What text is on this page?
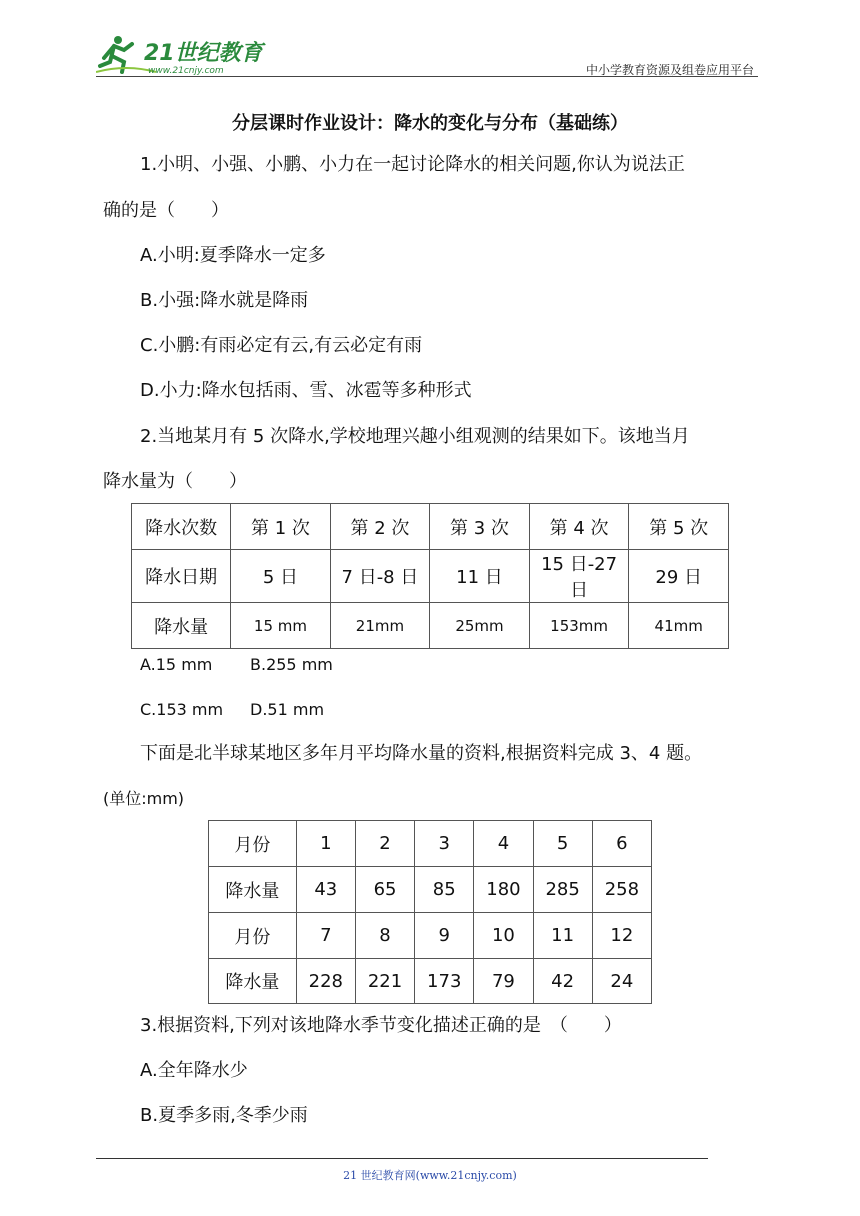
21世纪教育
www.21cnjy.com	中小学教育资源及组卷应用平台
分层课时作业设计：降水的变化与分布（基础练）
1.小明、小强、小鹏、小力在一起讨论降水的相关问题,你认为说法正
确的是（　　）
A.小明:夏季降水一定多
B.小强:降水就是降雨
C.小鹏:有雨必定有云,有云必定有雨
D.小力:降水包括雨、雪、冰雹等多种形式
2.当地某月有 5 次降水,学校地理兴趣小组观测的结果如下。该地当月
降水量为（　　）
降水次数	第 1 次	第 2 次	第 3 次	第 4 次	第 5 次
降水日期	5 日	7 日-8 日	11 日	15 日-27 日	29 日
降水量	15 mm	21mm	25mm	153mm	41mm
A.15 mm B.255 mm
C.153 mm D.51 mm
下面是北半球某地区多年月平均降水量的资料,根据资料完成 3、4 题。
(单位:mm)
月份	1	2	3	4	5	6
降水量	43	65	85	180	285	258
月份	7	8	9	10	11	12
降水量	228	221	173	79	42	24
3.根据资料,下列对该地降水季节变化描述正确的是　（　　）
A.全年降水少
B.夏季多雨,冬季少雨
21 世纪教育网(www.21cnjy.com)
